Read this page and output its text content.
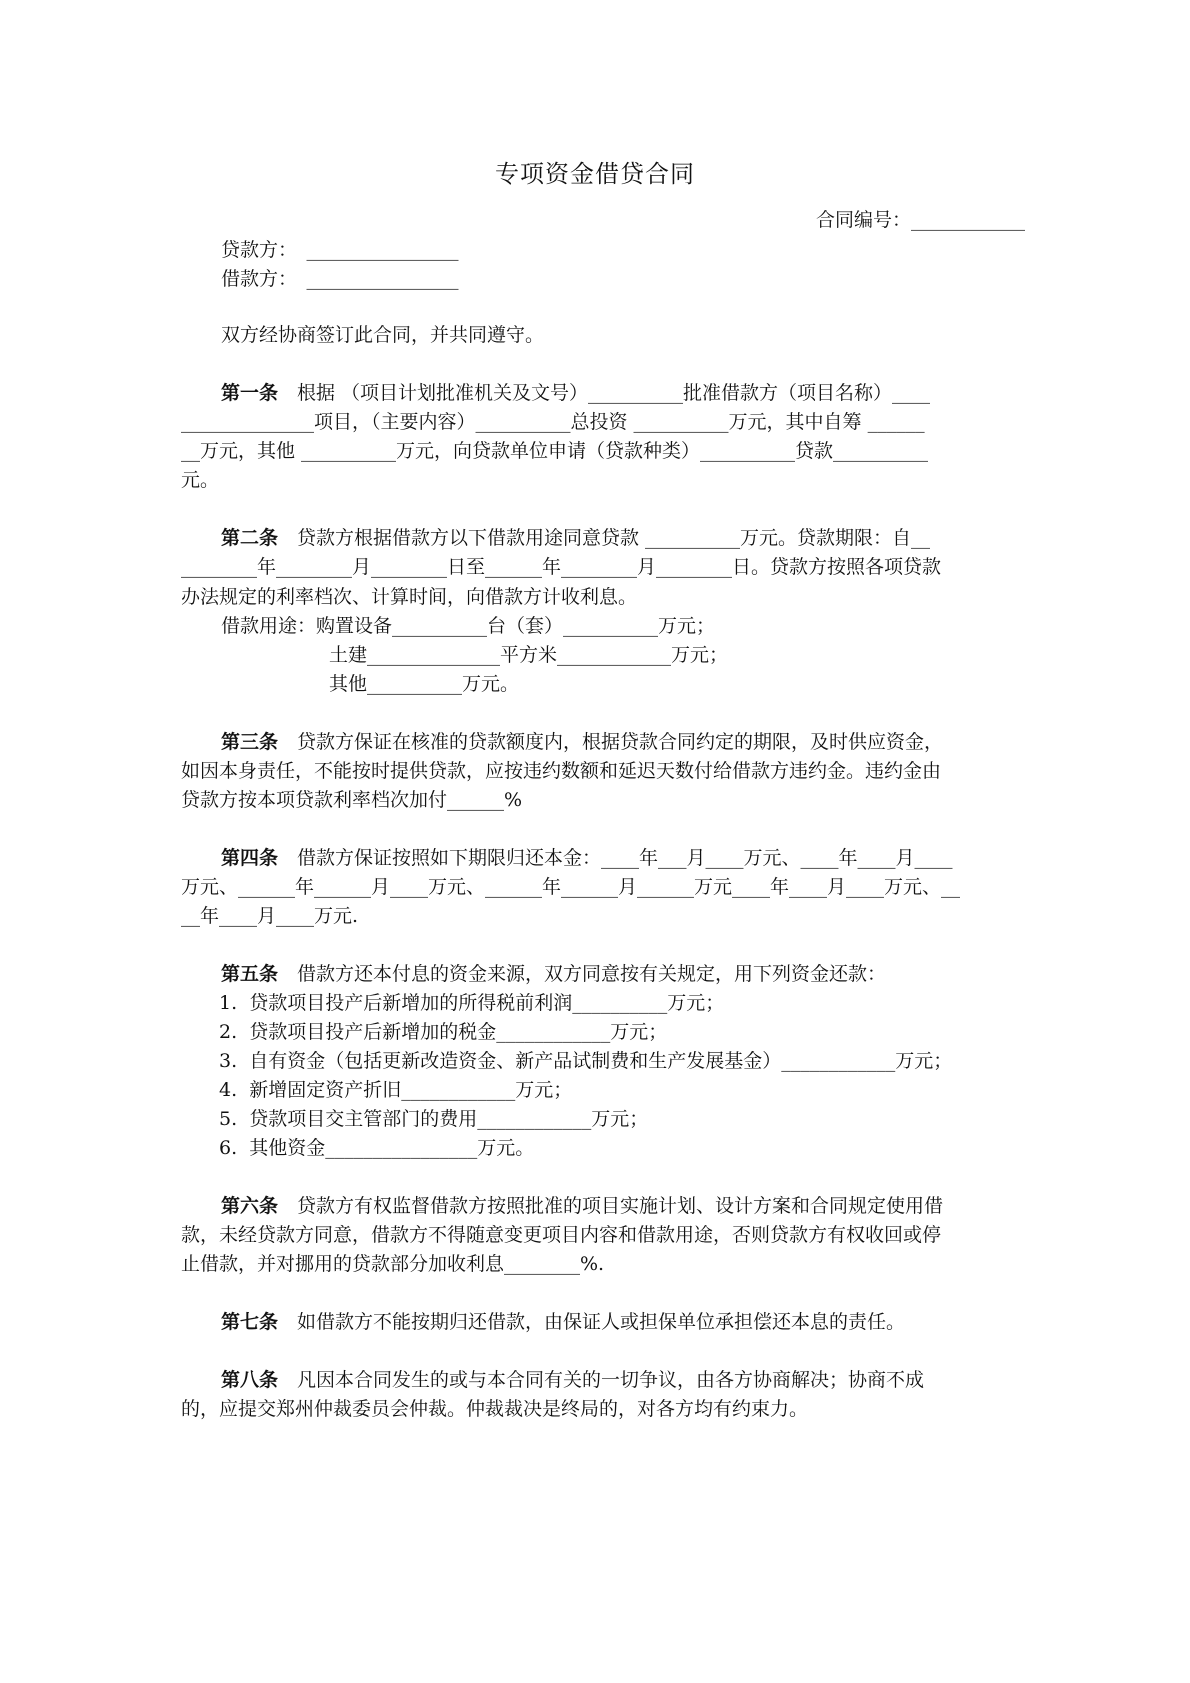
专项资金借贷合同
合同编号：____________
贷款方：　________________
借款方：　________________
双方经协商签订此合同，并共同遵守。
第一条　根据 （项目计划批准机关及文号）__________批准借款方（项目名称）____
______________项目，（主要内容）__________总投资 __________万元，其中自筹 ______
__万元，其他 __________万元，向贷款单位申请（贷款种类）__________贷款__________
元。
第二条　贷款方根据借款方以下借款用途同意贷款 __________万元。贷款期限：自__
________年________月________日至______年________月________日。贷款方按照各项贷款
办法规定的利率档次、计算时间，向借款方计收利息。
借款用途：购置设备__________台（套）__________万元；
土建______________平方米____________万元；
其他__________万元。
第三条　贷款方保证在核准的贷款额度内，根据贷款合同约定的期限，及时供应资金，
如因本身责任，不能按时提供贷款，应按违约数额和延迟天数付给借款方违约金。违约金由
贷款方按本项贷款利率档次加付______%
第四条　借款方保证按照如下期限归还本金：____年___月____万元、____年____月____
万元、______年______月____万元、______年______月______万元____年____月____万元、__
__年____月____万元.
第五条　借款方还本付息的资金来源，双方同意按有关规定，用下列资金还款：
1.  贷款项目投产后新增加的所得税前利润__________万元；
2.  贷款项目投产后新增加的税金____________万元；
3.  自有资金（包括更新改造资金、新产品试制费和生产发展基金）____________万元；
4.  新增固定资产折旧____________万元；
5.  贷款项目交主管部门的费用____________万元；
6.  其他资金________________万元。
第六条　贷款方有权监督借款方按照批准的项目实施计划、设计方案和合同规定使用借
款，未经贷款方同意，借款方不得随意变更项目内容和借款用途，否则贷款方有权收回或停
止借款，并对挪用的贷款部分加收利息________%.
第七条　如借款方不能按期归还借款，由保证人或担保单位承担偿还本息的责任。
第八条　凡因本合同发生的或与本合同有关的一切争议，由各方协商解决；协商不成
的，应提交郑州仲裁委员会仲裁。仲裁裁决是终局的，对各方均有约束力。
